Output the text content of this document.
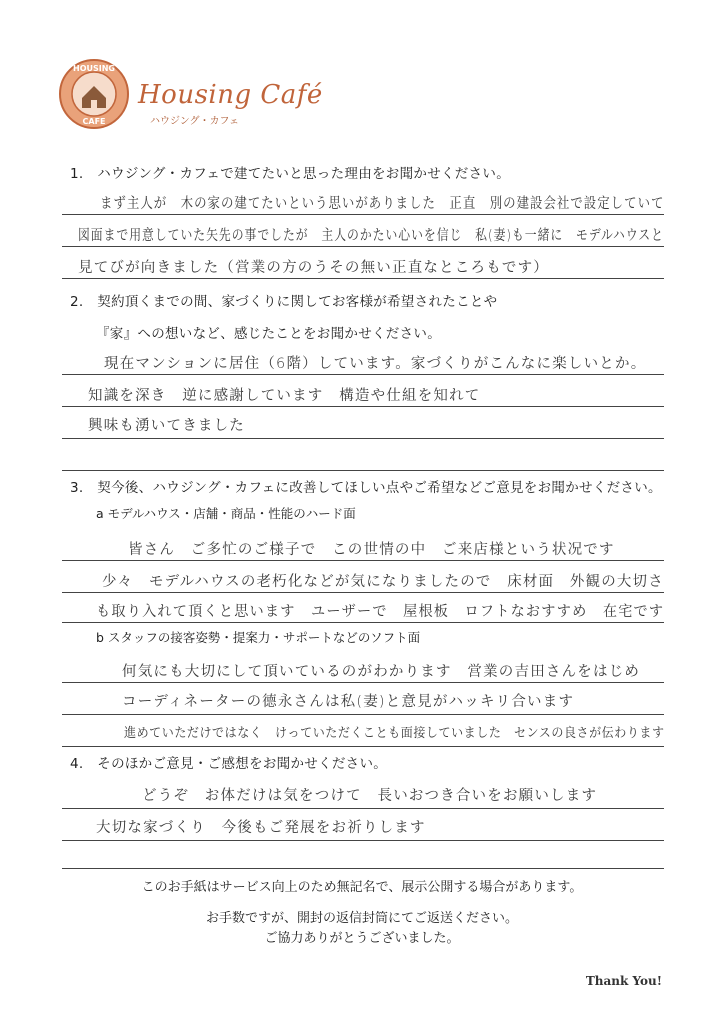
HOUSING
CAFE
Housing Café
ハウジング・カフェ
1.　ハウジング・カフェで建てたいと思った理由をお聞かせください。
まず主人が　木の家の建てたいという思いがありました　正直　別の建設会社で設定していて
図面まで用意していた矢先の事でしたが　主人のかたい心いを信じ　私(妻)も一緒に　モデルハウスと
見てびが向きました（営業の方のうその無い正直なところもです）
2.　契約頂くまでの間、家づくりに関してお客様が希望されたことや
『家』への想いなど、感じたことをお聞かせください。
現在マンションに居住（6階）しています。家づくりがこんなに楽しいとか。
知識を深き　逆に感謝しています　構造や仕組を知れて
興味も湧いてきました
3.　契今後、ハウジング・カフェに改善してほしい点やご希望などご意見をお聞かせください。
a モデルハウス・店舗・商品・性能のハード面
皆さん　ご多忙のご様子で　この世情の中　ご来店様という状况です
少々　モデルハウスの老朽化などが気になりましたので　床材面　外観の大切さ
も取り入れて頂くと思います　ユーザーで　屋根板　ロフトなおすすめ　在宅です
b スタッフの接客姿勢・提案力・サポートなどのソフト面
何気にも大切にして頂いているのがわかります　営業の吉田さんをはじめ
コーディネーターの德永さんは私(妻)と意見がハッキリ合います
進めていただけではなく　けっていただくことも面接していました　センスの良さが伝わります
4.　そのほかご意見・ご感想をお聞かせください。
どうぞ　お体だけは気をつけて　長いおつき合いをお願いします
大切な家づくり　今後もご発展をお祈りします
このお手紙はサービス向上のため無記名で、展示公開する場合があります。
お手数ですが、開封の返信封筒にてご返送ください。
ご協力ありがとうございました。
Thank You!
